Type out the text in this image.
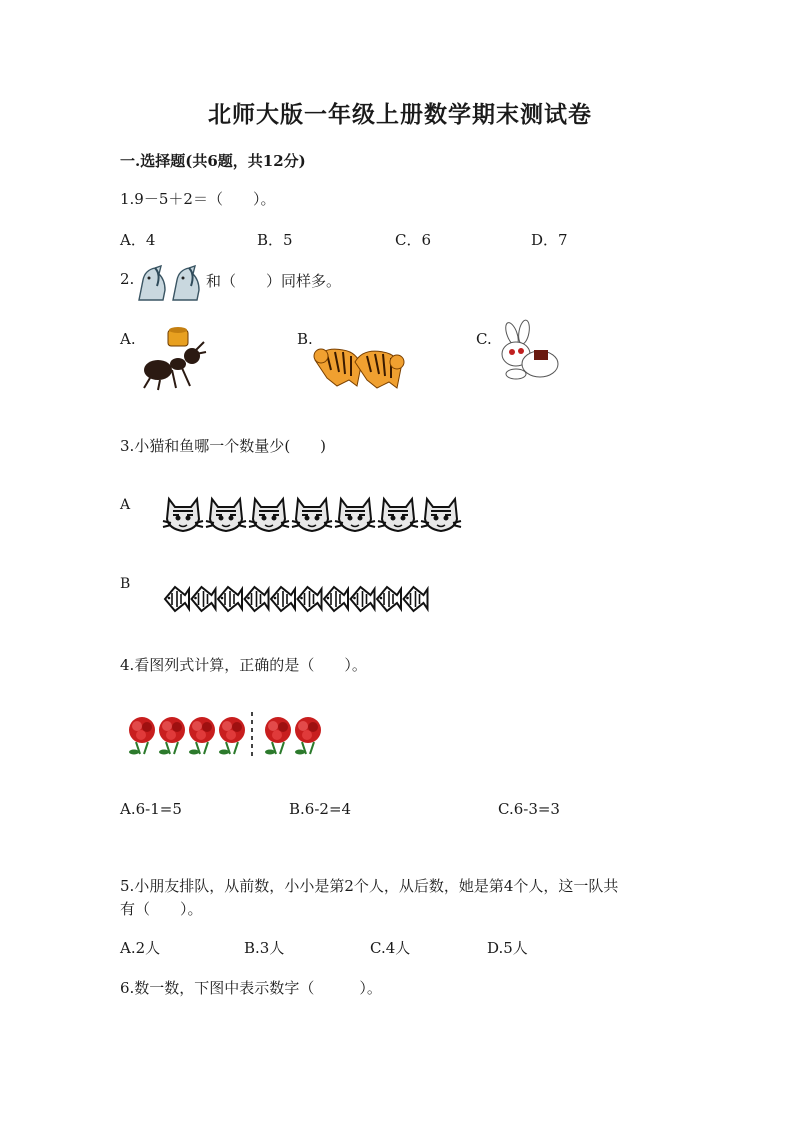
北师大版一年级上册数学期末测试卷
一.选择题(共6题，共12分)
1.9－5＋2＝（　　）。
A．4	B．5	C．6	D．7
2.	和（　　）同样多。
A.	B.	C.
3.小猫和鱼哪一个数量少(　　)
A
B
4.看图列式计算，正确的是（　　）。
A.6-1=5	B.6-2=4	C.6-3=3
5.小朋友排队，从前数，小小是第2个人，从后数，她是第4个人，这一队共
有（　　）。
A.2人	B.3人	C.4人	D.5人
6.数一数，下图中表示数字（　　　）。
